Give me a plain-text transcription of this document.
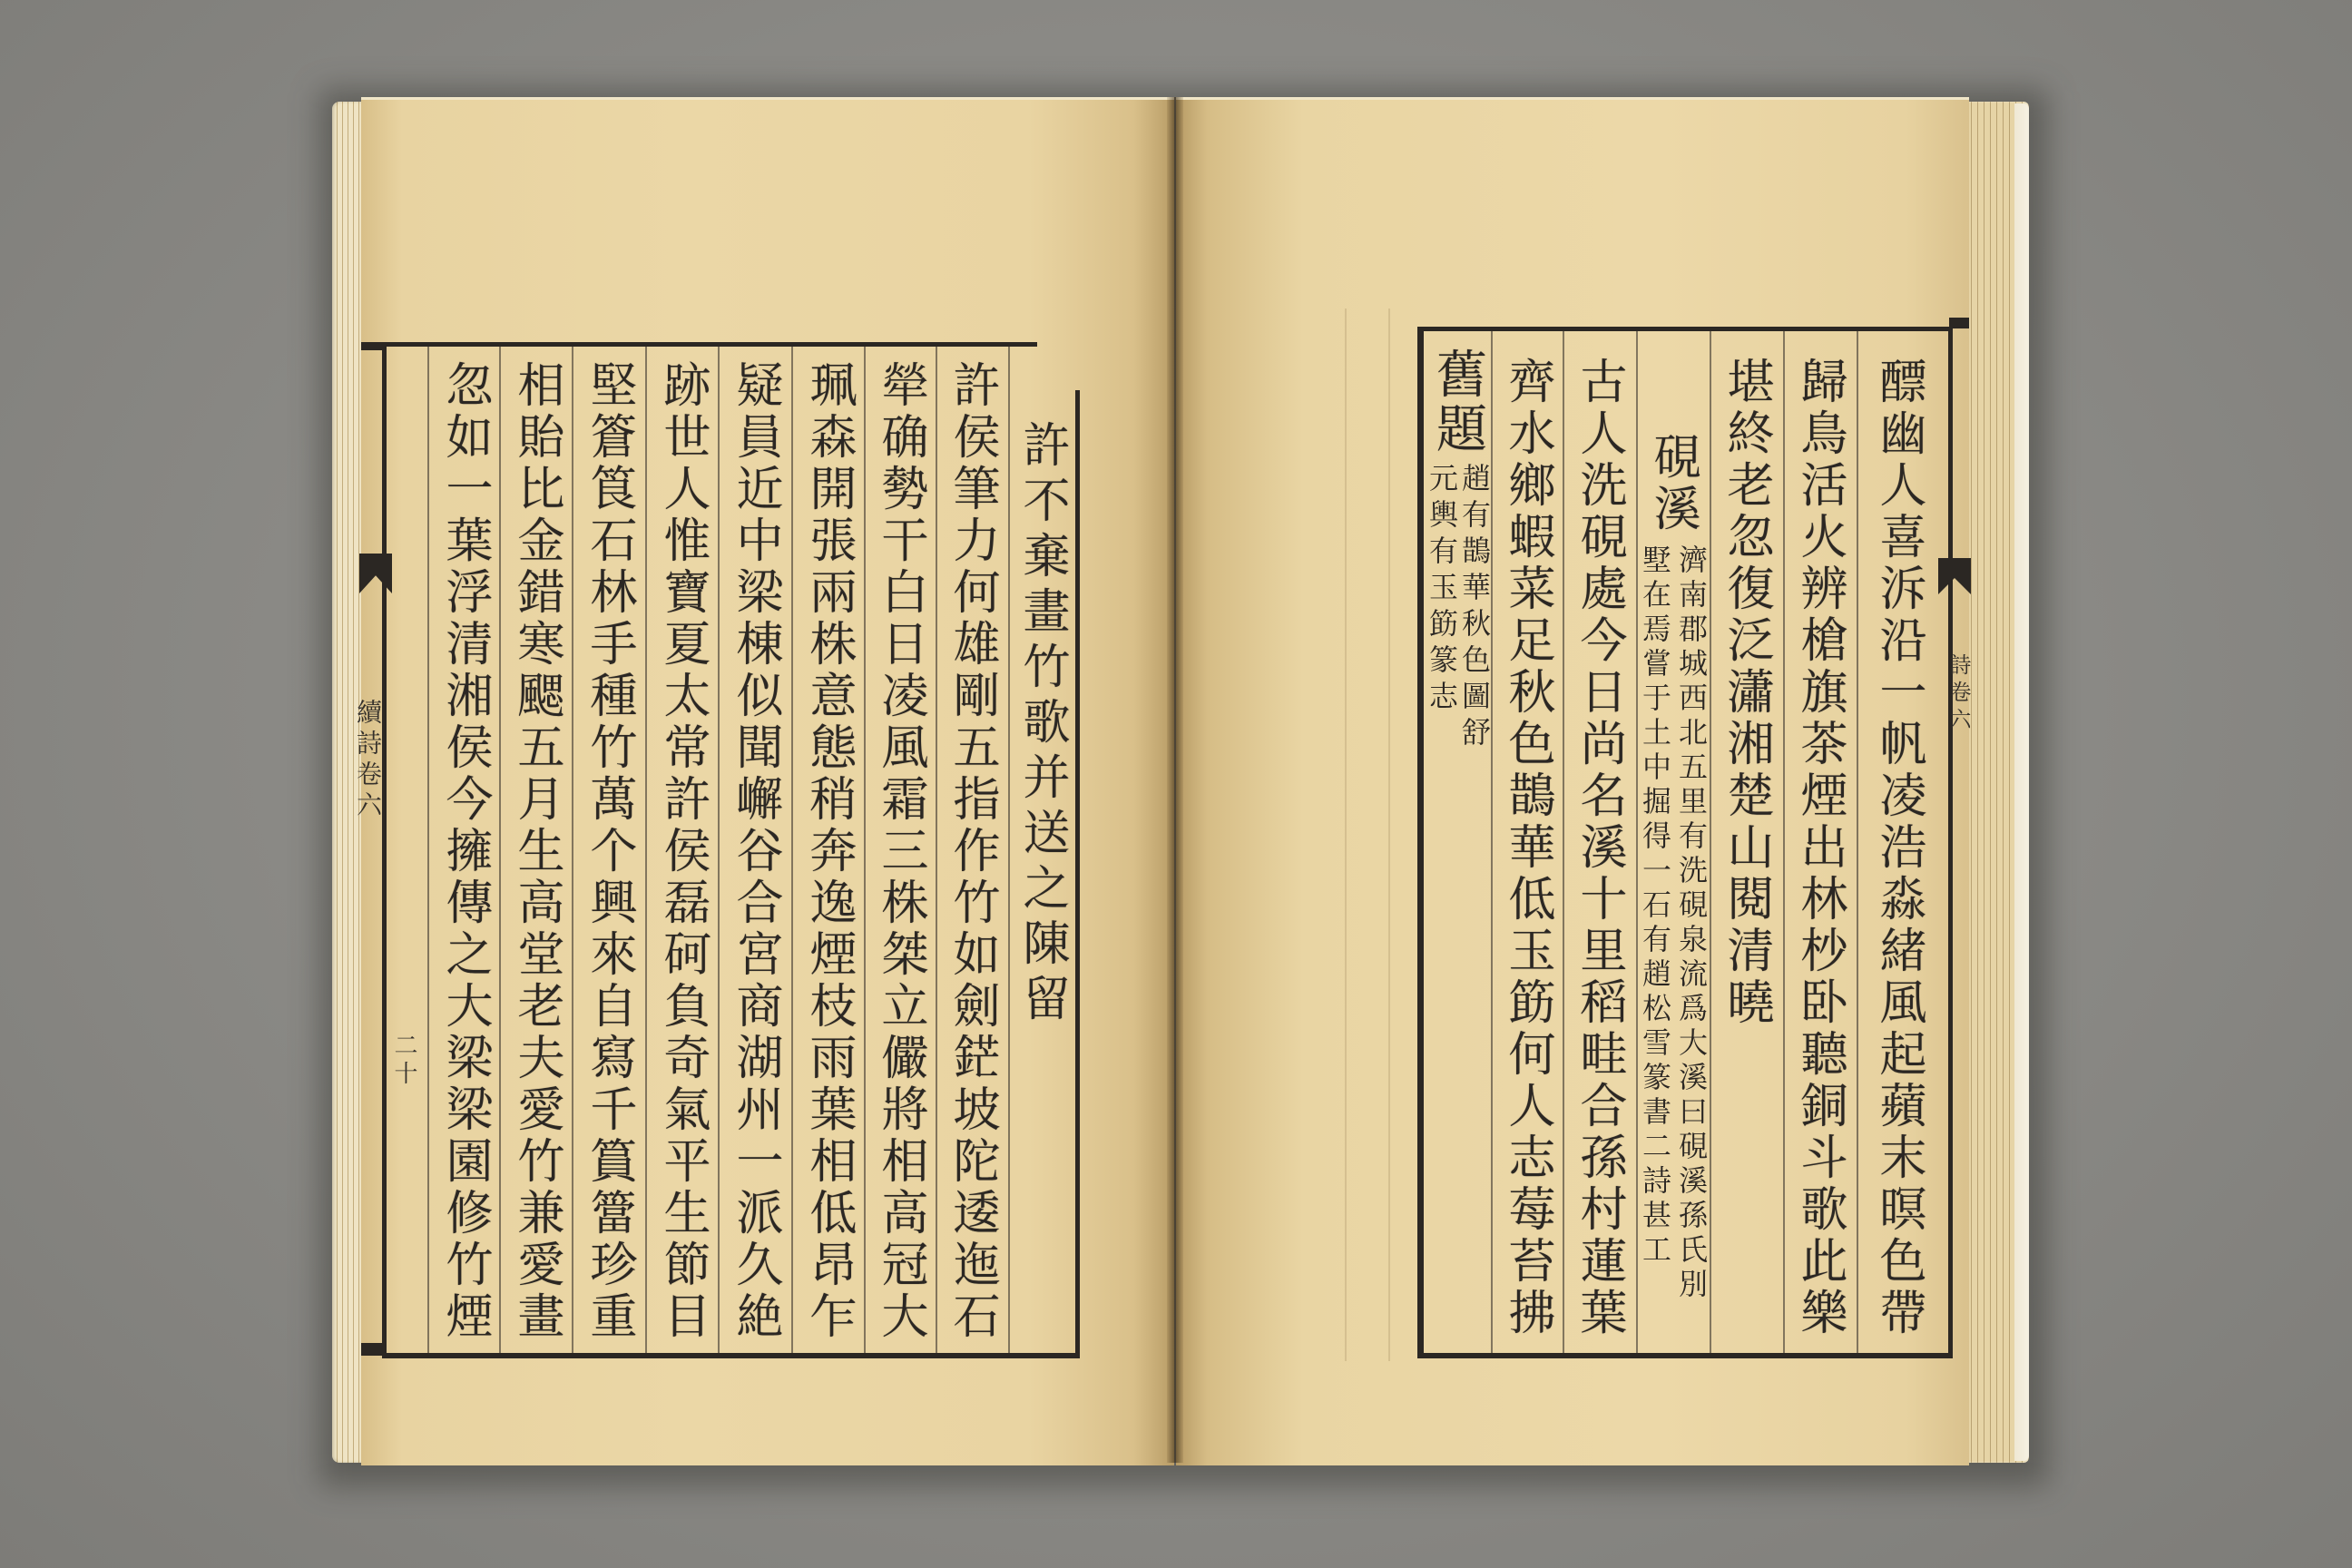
續詩卷六
二十
許不棄畫竹歌并送之陳留
許侯筆力何雄剛五指作竹如劍鋩坡陀逶迤石
犖确勢干白日凌風霜三株桀立儼將相高冠大
珮森開張兩株意態稍奔逸煙枝雨葉相低昂乍
疑員近中梁棟似聞嶰谷合宮商湖州一派久絶
跡世人惟寶夏太常許侯磊砢負奇氣平生節目
堅篬筤石林手種竹萬个興來自寫千篔簹珍重
相貽比金錯寒颸五月生高堂老夫愛竹兼愛畫
忽如一葉浮清湘侯今擁傳之大梁梁園修竹煙	詩卷六
醥幽人喜泝沿一帆凌浩淼緒風起蘋末暝色帶
歸鳥活火辨槍旗茶煙出林杪卧聽銅斗歌此樂
堪終老忽復泛瀟湘楚山閱清曉
硯溪
濟南郡城西北五里有洗硯泉流爲大溪曰硯溪孫氏別
墅在焉嘗于土中掘得一石有趙松雪篆書二詩甚工
古人洗硯處今日尚名溪十里稻畦合孫村蓮葉
齊水鄉蝦菜足秋色鵲華低玉筯何人志莓苔拂
舊題
趙有鵲華秋色圖舒
元輿有玉筯篆志
